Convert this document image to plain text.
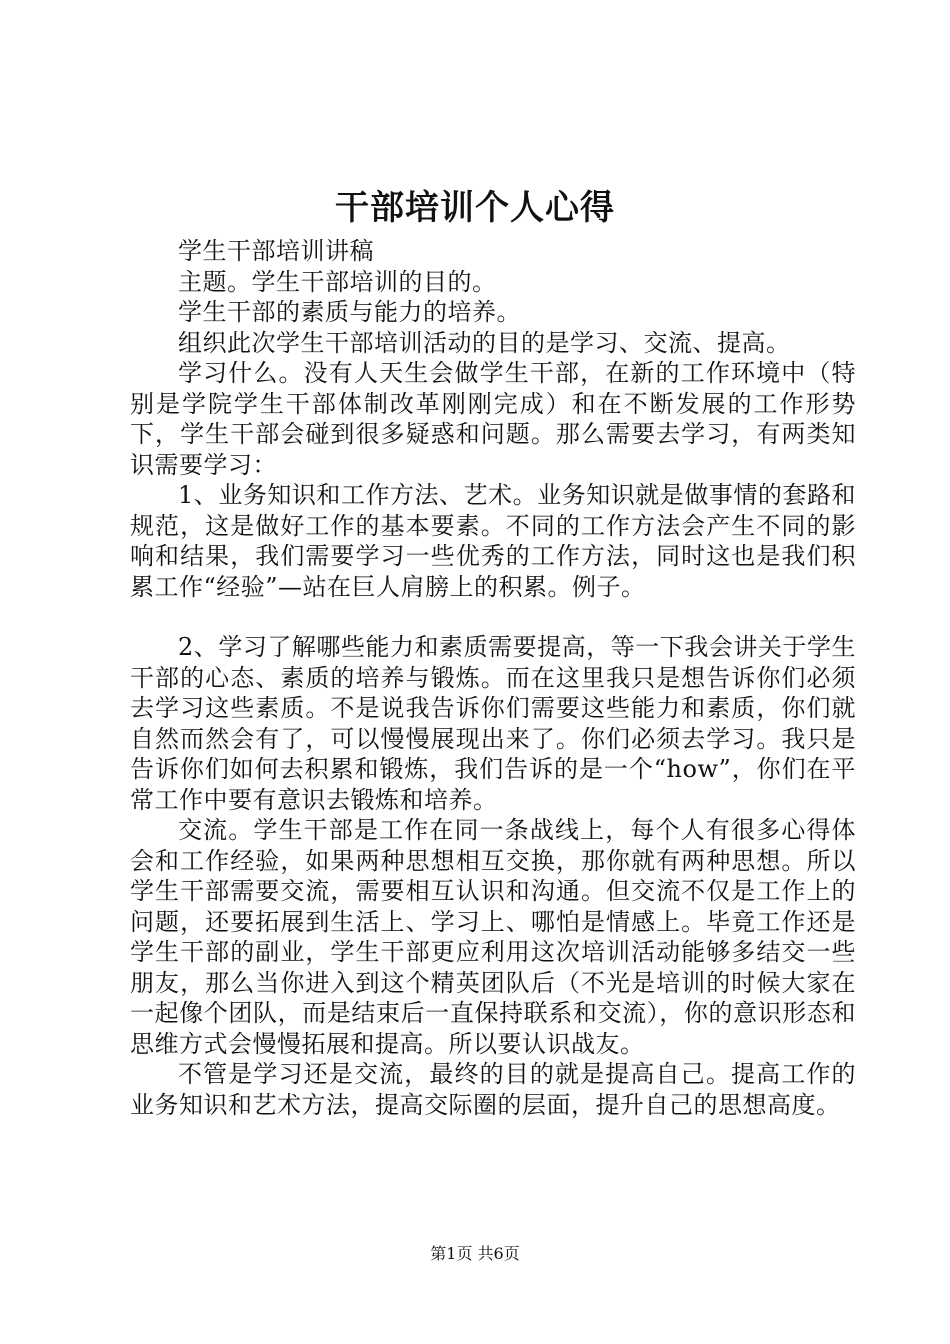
干部培训个人心得

学生干部培训讲稿

主题。学生干部培训的目的。

学生干部的素质与能力的培养。

组织此次学生干部培训活动的目的是学习、交流、提高。

学习什么。没有人天生会做学生干部，在新的工作环境中（特别是学院学生干部体制改革刚刚完成）和在不断发展的工作形势下，学生干部会碰到很多疑惑和问题。那么需要去学习，有两类知识需要学习：

1、业务知识和工作方法、艺术。业务知识就是做事情的套路和规范，这是做好工作的基本要素。不同的工作方法会产生不同的影响和结果，我们需要学习一些优秀的工作方法，同时这也是我们积累工作“经验”—站在巨人肩膀上的积累。例子。

2、学习了解哪些能力和素质需要提高，等一下我会讲关于学生干部的心态、素质的培养与锻炼。而在这里我只是想告诉你们必须去学习这些素质。不是说我告诉你们需要这些能力和素质，你们就自然而然会有了，可以慢慢展现出来了。你们必须去学习。我只是告诉你们如何去积累和锻炼，我们告诉的是一个“how”，你们在平常工作中要有意识去锻炼和培养。

交流。学生干部是工作在同一条战线上，每个人有很多心得体会和工作经验，如果两种思想相互交换，那你就有两种思想。所以学生干部需要交流，需要相互认识和沟通。但交流不仅是工作上的问题，还要拓展到生活上、学习上、哪怕是情感上。毕竟工作还是学生干部的副业，学生干部更应利用这次培训活动能够多结交一些朋友，那么当你进入到这个精英团队后（不光是培训的时候大家在一起像个团队，而是结束后一直保持联系和交流），你的意识形态和思维方式会慢慢拓展和提高。所以要认识战友。

不管是学习还是交流，最终的目的就是提高自己。提高工作的业务知识和艺术方法，提高交际圈的层面，提升自己的思想高度。

第1页 共6页
